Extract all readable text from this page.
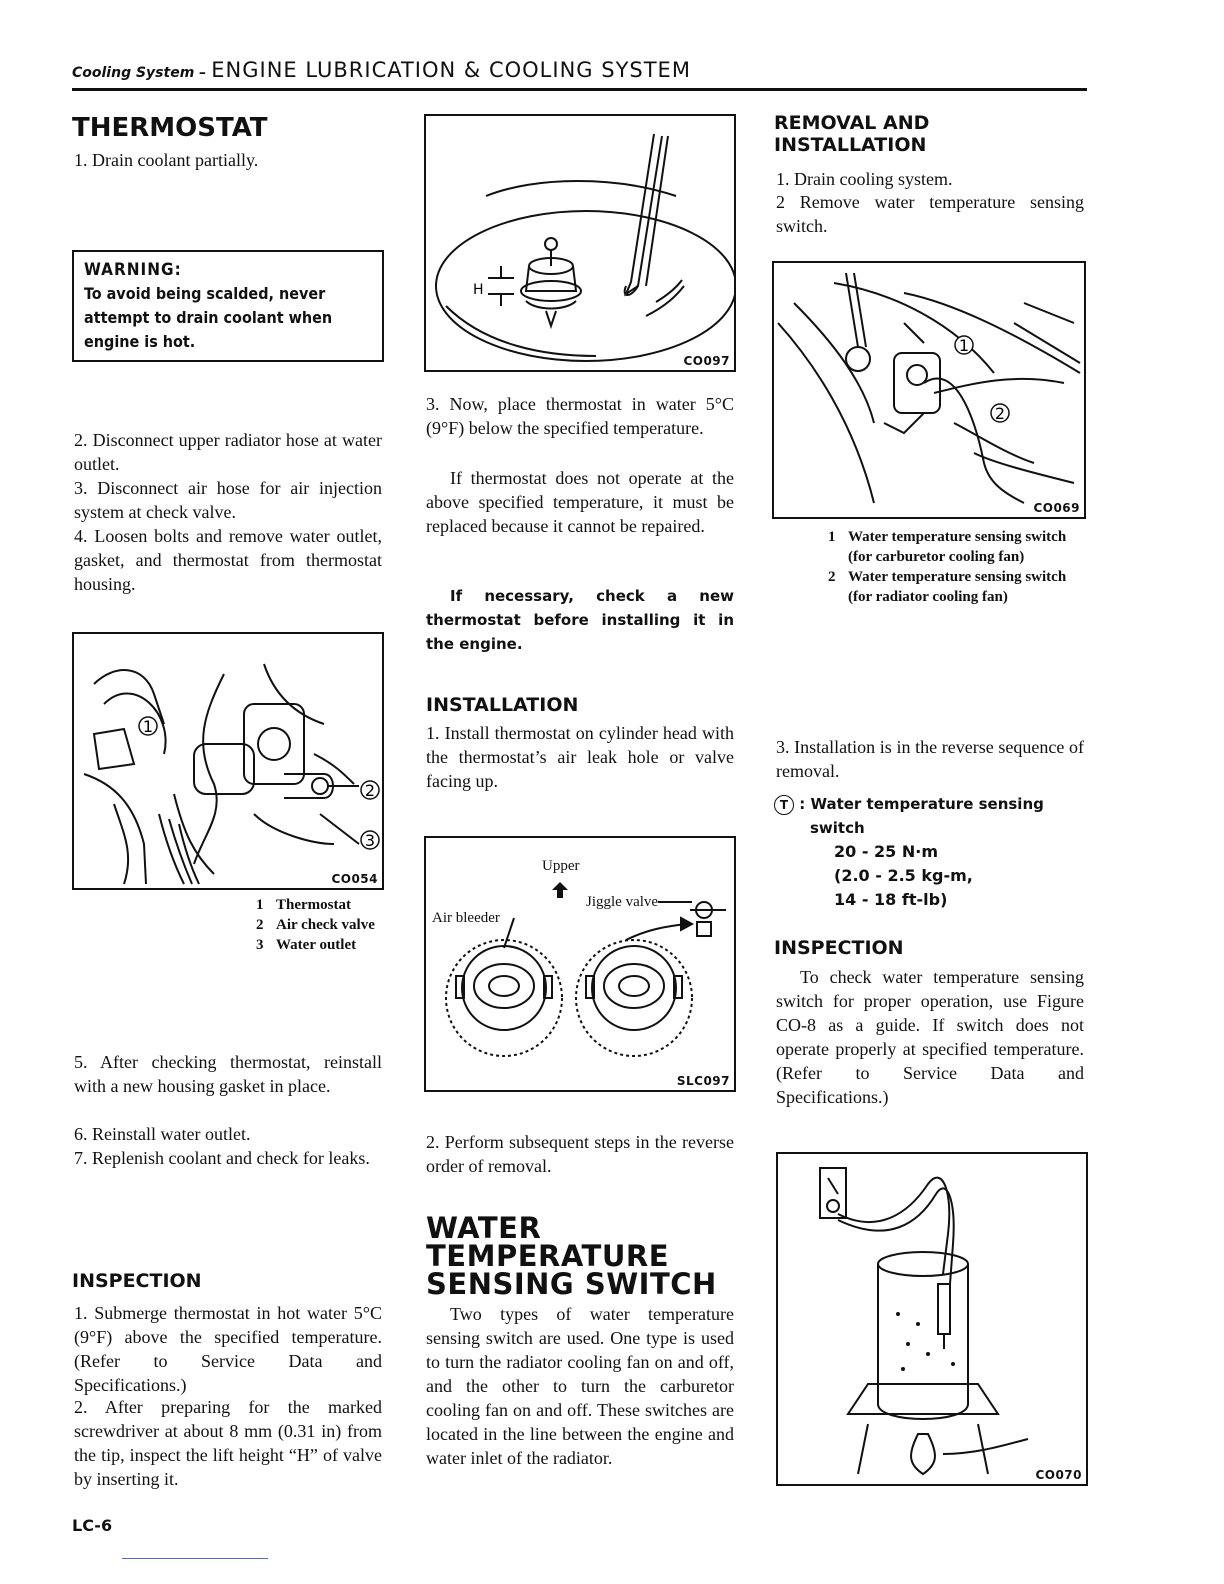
Cooling System – ENGINE LUBRICATION & COOLING SYSTEM
THERMOSTAT

1. Drain coolant partially.

WARNING:
To avoid being scalded, never attempt to drain coolant when engine is hot.

2. Disconnect upper radiator hose at water outlet.

3. Disconnect air hose for air injection system at check valve.

4. Loosen bolts and remove water outlet, gasket, and thermostat from thermostat housing.

1
2
3
CO054
1 Thermostat
2 Air check valve
3 Water outlet

5. After checking thermostat, reinstall with a new housing gasket in place.

6. Reinstall water outlet.

7. Replenish coolant and check for leaks.

INSPECTION

1. Submerge thermostat in hot water 5°C (9°F) above the specified temperature. (Refer to Service Data and Specifications.)

2. After preparing for the marked screwdriver at about 8 mm (0.31 in) from the tip, inspect the lift height “H” of valve by inserting it.

LC-6
H
CO097

3. Now, place thermostat in water 5°C (9°F) below the specified temperature.

If thermostat does not operate at the above specified temperature, it must be replaced because it cannot be repaired.

If necessary, check a new thermostat before installing it in the engine.

INSTALLATION

1. Install thermostat on cylinder head with the thermostat’s air leak hole or valve facing up.

Upper
Jiggle valve
Air bleeder
SLC097

2. Perform subsequent steps in the reverse order of removal.

WATER
TEMPERATURE
SENSING SWITCH

Two types of water temperature sensing switch are used. One type is used to turn the radiator cooling fan on and off, and the other to turn the carburetor cooling fan on and off. These switches are located in the line between the engine and water inlet of the radiator.

REMOVAL AND
INSTALLATION

1. Drain cooling system.

2 Remove water temperature sensing switch.

1
2
CO069
1 Water temperature sensing switch
(for carburetor cooling fan)
2 Water temperature sensing switch
(for radiator cooling fan)

3. Installation is in the reverse sequence of removal.

T : Water temperature sensing
switch
20 - 25 N·m
(2.0 - 2.5 kg-m,
14 - 18 ft-lb)
INSPECTION

To check water temperature sensing switch for proper operation, use Figure CO-8 as a guide. If switch does not operate properly at specified temperature. (Refer to Service Data and Specifications.)

CO070
